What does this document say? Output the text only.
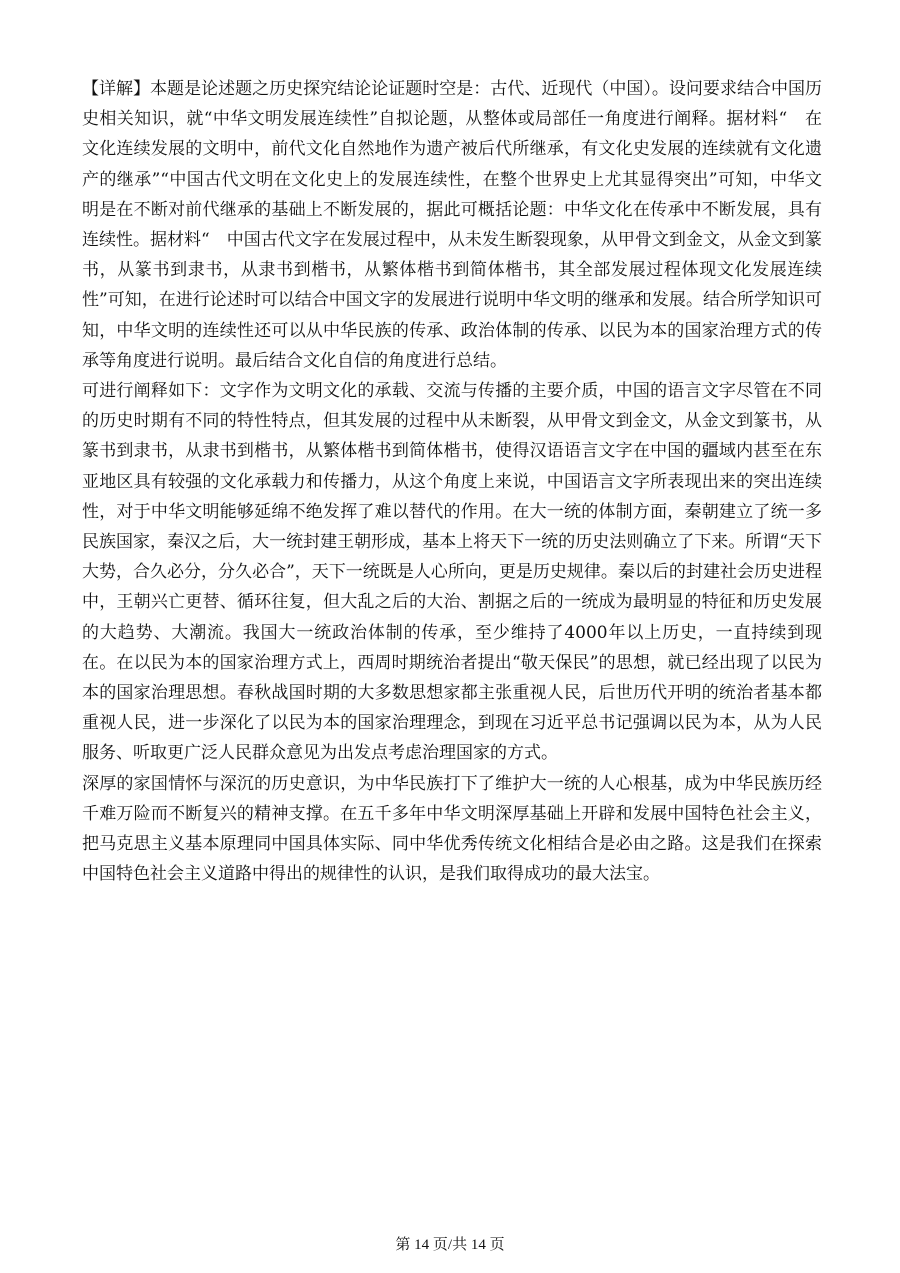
【详解】本题是论述题之历史探究结论论证题时空是：古代、近现代（中国）。设问要求结合中国历史相关知识，就“中华文明发展连续性”自拟论题，从整体或局部任一角度进行阐释。据材料“　在文化连续发展的文明中，前代文化自然地作为遗产被后代所继承，有文化史发展的连续就有文化遗产的继承”“中国古代文明在文化史上的发展连续性，在整个世界史上尤其显得突出”可知，中华文明是在不断对前代继承的基础上不断发展的，据此可概括论题：中华文化在传承中不断发展，具有连续性。据材料“　中国古代文字在发展过程中，从未发生断裂现象，从甲骨文到金文，从金文到篆书，从篆书到隶书，从隶书到楷书，从繁体楷书到简体楷书，其全部发展过程体现文化发展连续性”可知，在进行论述时可以结合中国文字的发展进行说明中华文明的继承和发展。结合所学知识可知，中华文明的连续性还可以从中华民族的传承、政治体制的传承、以民为本的国家治理方式的传承等角度进行说明。最后结合文化自信的角度进行总结。

可进行阐释如下：文字作为文明文化的承载、交流与传播的主要介质，中国的语言文字尽管在不同的历史时期有不同的特性特点，但其发展的过程中从未断裂，从甲骨文到金文，从金文到篆书，从篆书到隶书，从隶书到楷书，从繁体楷书到简体楷书，使得汉语语言文字在中国的疆域内甚至在东亚地区具有较强的文化承载力和传播力，从这个角度上来说，中国语言文字所表现出来的突出连续性，对于中华文明能够延绵不绝发挥了难以替代的作用。在大一统的体制方面，秦朝建立了统一多民族国家，秦汉之后，大一统封建王朝形成，基本上将天下一统的历史法则确立了下来。所谓“天下大势，合久必分，分久必合”，天下一统既是人心所向，更是历史规律。秦以后的封建社会历史进程中，王朝兴亡更替、循环往复，但大乱之后的大治、割据之后的一统成为最明显的特征和历史发展的大趋势、大潮流。我国大一统政治体制的传承，至少维持了4000年以上历史，一直持续到现在。在以民为本的国家治理方式上，西周时期统治者提出“敬天保民”的思想，就已经出现了以民为本的国家治理思想。春秋战国时期的大多数思想家都主张重视人民，后世历代开明的统治者基本都重视人民，进一步深化了以民为本的国家治理理念，到现在习近平总书记强调以民为本，从为人民服务、听取更广泛人民群众意见为出发点考虑治理国家的方式。

深厚的家国情怀与深沉的历史意识，为中华民族打下了维护大一统的人心根基，成为中华民族历经千难万险而不断复兴的精神支撑。在五千多年中华文明深厚基础上开辟和发展中国特色社会主义，把马克思主义基本原理同中国具体实际、同中华优秀传统文化相结合是必由之路。这是我们在探索中国特色社会主义道路中得出的规律性的认识，是我们取得成功的最大法宝。

第 14 页/共 14 页
